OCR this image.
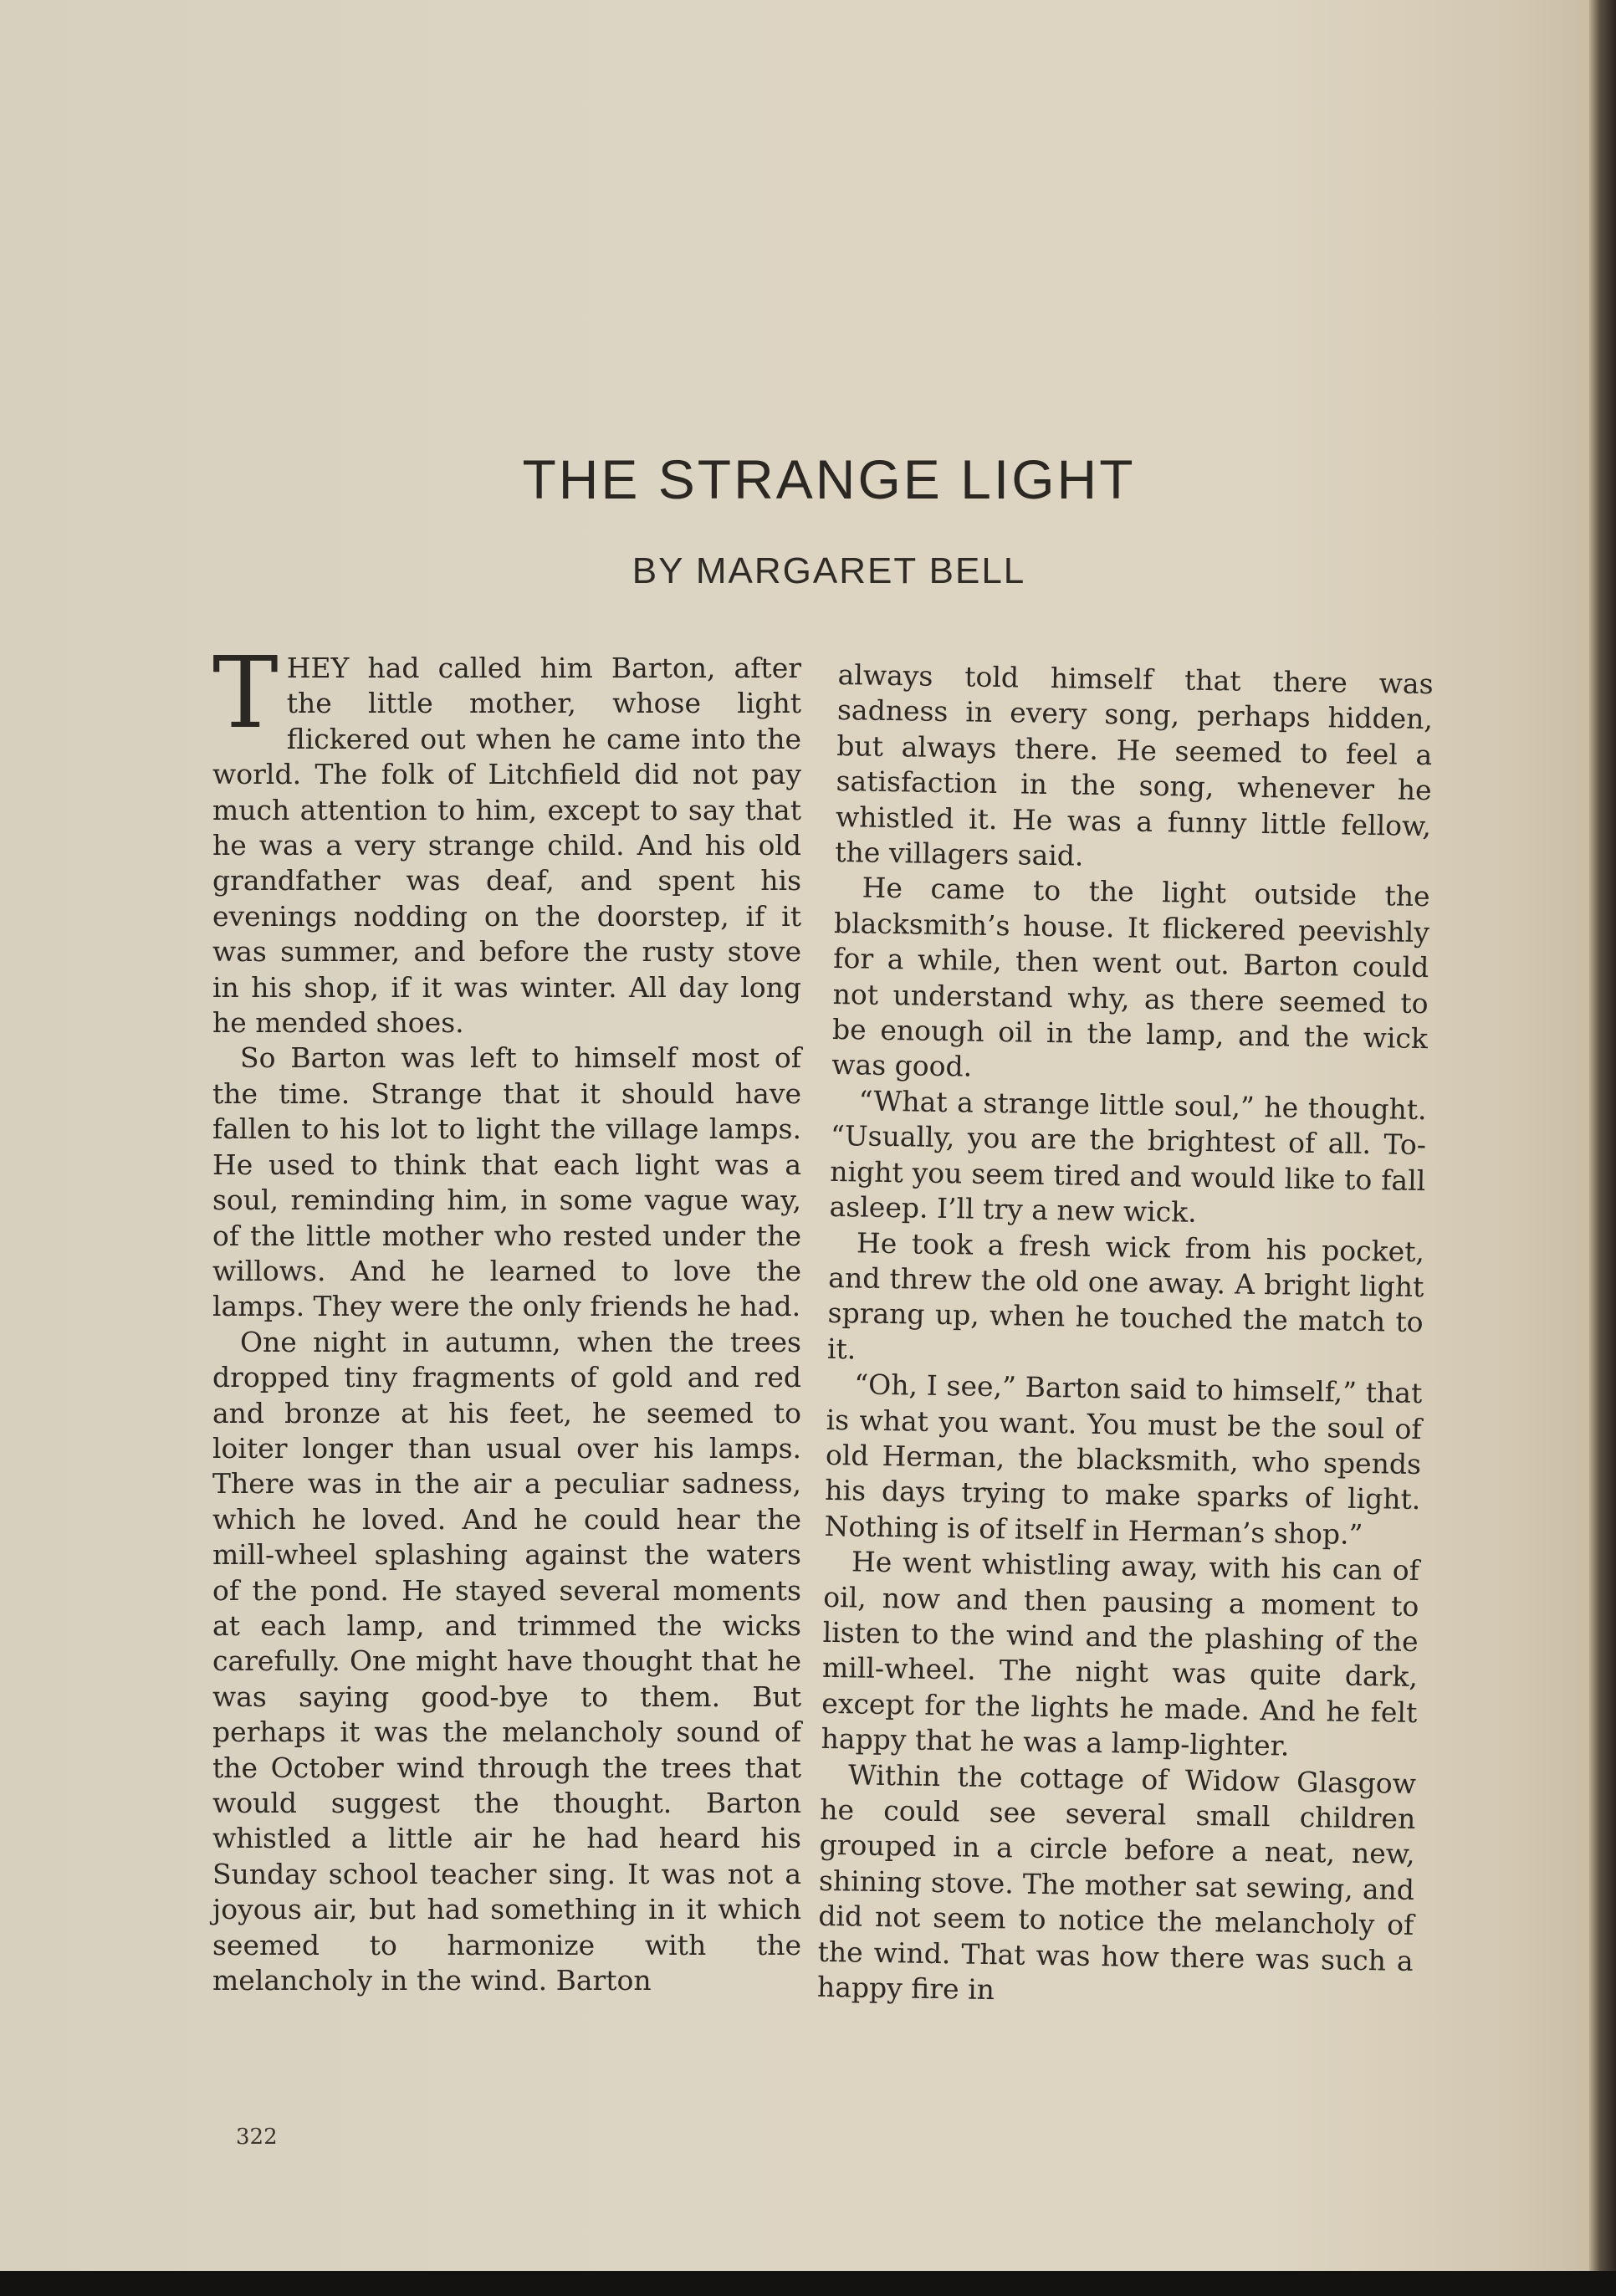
THE STRANGE LIGHT
BY MARGARET BELL

THEY had called him Barton, after the little mother, whose light flickered out when he came into the world. The folk of Litchfield did not pay much attention to him, except to say that he was a very strange child. And his old grandfather was deaf, and spent his evenings nodding on the doorstep, if it was summer, and before the rusty stove in his shop, if it was winter. All day long he mended shoes.

So Barton was left to himself most of the time. Strange that it should have fallen to his lot to light the village lamps. He used to think that each light was a soul, reminding him, in some vague way, of the little mother who rested under the willows. And he learned to love the lamps. They were the only friends he had.

One night in autumn, when the trees dropped tiny fragments of gold and red and bronze at his feet, he seemed to loiter longer than usual over his lamps. There was in the air a peculiar sadness, which he loved. And he could hear the mill-wheel splashing against the waters of the pond. He stayed several moments at each lamp, and trimmed the wicks carefully. One might have thought that he was saying good-bye to them. But perhaps it was the melancholy sound of the October wind through the trees that would suggest the thought. Barton whistled a little air he had heard his Sunday school teacher sing. It was not a joyous air, but had something in it which seemed to harmonize with the melancholy in the wind. Barton

always told himself that there was sadness in every song, perhaps hidden, but always there. He seemed to feel a satisfaction in the song, whenever he whistled it. He was a funny little fellow, the villagers said.

He came to the light outside the blacksmith’s house. It flickered peevishly for a while, then went out. Barton could not understand why, as there seemed to be enough oil in the lamp, and the wick was good.

“What a strange little soul,” he thought. “Usually, you are the brightest of all. To-night you seem tired and would like to fall asleep. I’ll try a new wick.

He took a fresh wick from his pocket, and threw the old one away. A bright light sprang up, when he touched the match to it.

“Oh, I see,” Barton said to himself,” that is what you want. You must be the soul of old Herman, the blacksmith, who spends his days trying to make sparks of light. Nothing is of itself in Herman’s shop.”

He went whistling away, with his can of oil, now and then pausing a moment to listen to the wind and the plashing of the mill-wheel. The night was quite dark, except for the lights he made. And he felt happy that he was a lamp-lighter.

Within the cottage of Widow Glasgow he could see several small children grouped in a circle before a neat, new, shining stove. The mother sat sewing, and did not seem to notice the melancholy of the wind. That was how there was such a happy fire in

322
